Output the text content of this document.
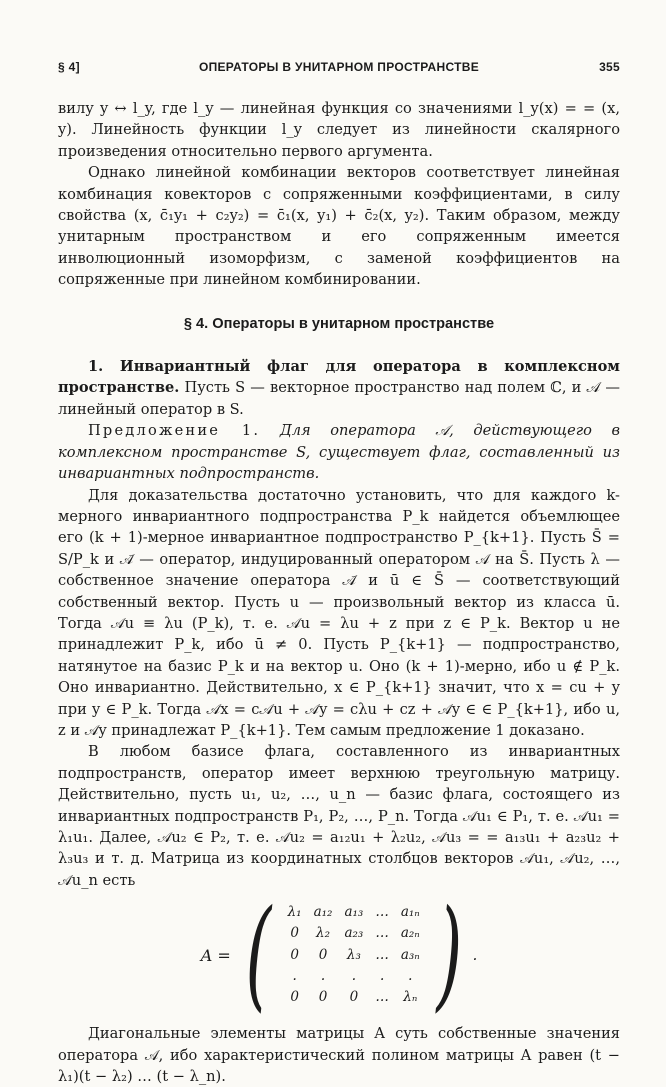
§ 4]	ОПЕРАТОРЫ В УНИТАРНОМ ПРОСТРАНСТВЕ	355

вилу y ↔ l_y, где l_y — линейная функция со значениями l_y(x) = = (x, y). Линейность функции l_y следует из линейности скалярного произведения относительно первого аргумента.

Однако линейной комбинации векторов соответствует линейная комбинация ковекторов с сопряженными коэффициентами, в силу свойства (x, c̄₁y₁ + c₂y₂) = c̄₁(x, y₁) + c̄₂(x, y₂). Таким образом, между унитарным пространством и его сопряженным имеется инволюционный изоморфизм, с заменой коэффициентов на сопряженные при линейном комбинировании.

§ 4. Операторы в унитарном пространстве

1. Инвариантный флаг для оператора в комплексном пространстве. Пусть S — векторное пространство над полем ℂ, и 𝒜 — линейный оператор в S.

Предложение 1. Для оператора 𝒜, действующего в комплексном пространстве S, существует флаг, составленный из инвариантных подпространств.

Для доказательства достаточно установить, что для каждого k-мерного инвариантного подпространства P_k найдется объемлющее его (k + 1)-мерное инвариантное подпространство P_{k+1}. Пусть S̄ = S/P_k и 𝒜̄ — оператор, индуцированный оператором 𝒜 на S̄. Пусть λ — собственное значение оператора 𝒜̄ и ū ∈ S̄ — соответствующий собственный вектор. Пусть u — произвольный вектор из класса ū. Тогда 𝒜u ≡ λu (P_k), т. е. 𝒜u = λu + z при z ∈ P_k. Вектор u не принадлежит P_k, ибо ū ≠ 0. Пусть P_{k+1} — подпространство, натянутое на базис P_k и на вектор u. Оно (k + 1)-мерно, ибо u ∉ P_k. Оно инвариантно. Действительно, x ∈ P_{k+1} значит, что x = cu + y при y ∈ P_k. Тогда 𝒜x = c𝒜u + 𝒜y = cλu + cz + 𝒜y ∈ ∈ P_{k+1}, ибо u, z и 𝒜y принадлежат P_{k+1}. Тем самым предложение 1 доказано.

В любом базисе флага, составленного из инвариантных подпространств, оператор имеет верхнюю треугольную матрицу. Действительно, пусть u₁, u₂, …, u_n — базис флага, состоящего из инвариантных подпространств P₁, P₂, …, P_n. Тогда 𝒜u₁ ∈ P₁, т. е. 𝒜u₁ = λ₁u₁. Далее, 𝒜u₂ ∈ P₂, т. е. 𝒜u₂ = a₁₂u₁ + λ₂u₂, 𝒜u₃ = = a₁₃u₁ + a₂₃u₂ + λ₃u₃ и т. д. Матрица из координатных столбцов векторов 𝒜u₁, 𝒜u₂, …, 𝒜u_n есть

A = ( λ₁	a₁₂	a₁₃	…	a₁ₙ
0	λ₂	a₂₃	…	a₂ₙ
0	0	λ₃	…	a₃ₙ
.	.	.	.	.
0	0	0	…	λₙ ) .

Диагональные элементы матрицы A суть собственные значения оператора 𝒜, ибо характеристический полином матрицы A равен (t − λ₁)(t − λ₂) … (t − λ_n).
